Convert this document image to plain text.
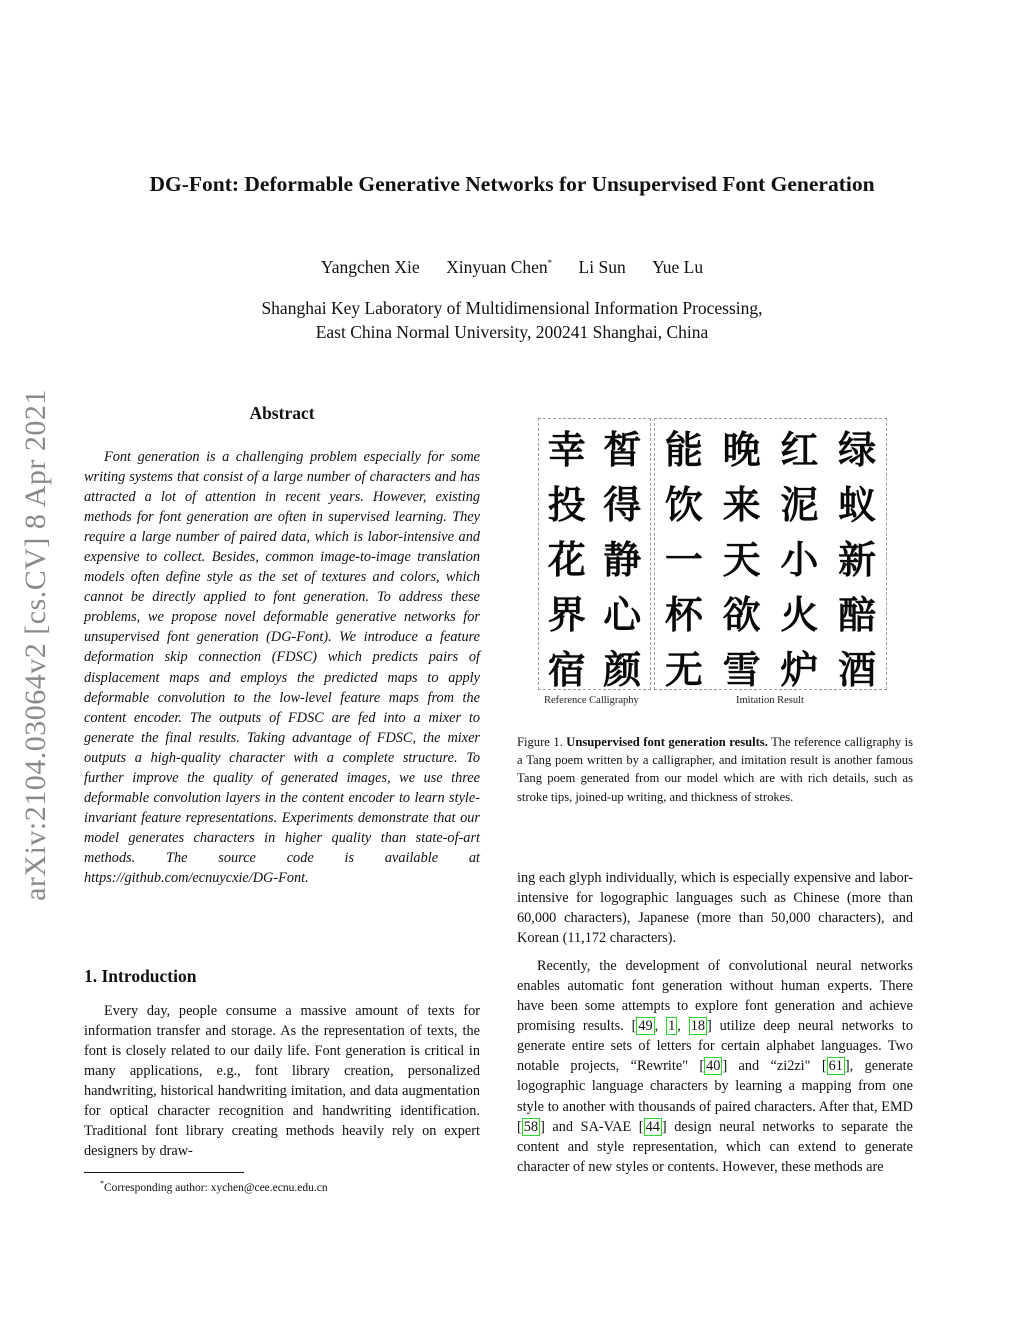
arXiv:2104.03064v2 [cs.CV] 8 Apr 2021
DG-Font: Deformable Generative Networks for Unsupervised Font Generation
Yangchen Xie Xinyuan Chen* Li Sun Yue Lu
Shanghai Key Laboratory of Multidimensional Information Processing,
East China Normal University, 200241 Shanghai, China
Abstract

Font generation is a challenging problem especially for some writing systems that consist of a large number of characters and has attracted a lot of attention in recent years. However, existing methods for font generation are often in supervised learning. They require a large number of paired data, which is labor-intensive and expensive to collect. Besides, common image-to-image translation models often define style as the set of textures and colors, which cannot be directly applied to font generation. To address these problems, we propose novel deformable generative networks for unsupervised font generation (DG-Font). We introduce a feature deformation skip connection (FDSC) which predicts pairs of displacement maps and employs the predicted maps to apply deformable convolution to the low-level feature maps from the content encoder. The outputs of FDSC are fed into a mixer to generate the final results. Taking advantage of FDSC, the mixer outputs a high-quality character with a complete structure. To further improve the quality of generated images, we use three deformable convolution layers in the content encoder to learn style-invariant feature representations. Experiments demonstrate that our model generates characters in higher quality than state-of-art methods. The source code is available at https://github.com/ecnuycxie/DG-Font.

1. Introduction

Every day, people consume a massive amount of texts for information transfer and storage. As the representation of texts, the font is closely related to our daily life. Font generation is critical in many applications, e.g., font library creation, personalized handwriting, historical handwriting imitation, and data augmentation for optical character recognition and handwriting identification. Traditional font library creating methods heavily rely on expert designers by draw-

*Corresponding author: xychen@cee.ecnu.edu.cn
幸 皙
投 得
花 静
界 心
宿 颜
能 晚 红 绿
饮 来 泥 蚁
一 天 小 新
杯 欲 火 醅
无 雪 炉 酒
Reference Calligraphy	Imitation Result
Figure 1. Unsupervised font generation results. The reference calligraphy is a Tang poem written by a calligrapher, and imitation result is another famous Tang poem generated from our model which are with rich details, such as stroke tips, joined-up writing, and thickness of strokes.

ing each glyph individually, which is especially expensive and labor-intensive for logographic languages such as Chinese (more than 60,000 characters), Japanese (more than 50,000 characters), and Korean (11,172 characters).

Recently, the development of convolutional neural networks enables automatic font generation without human experts. There have been some attempts to explore font generation and achieve promising results. [ 49 , 1 , 18 ] utilize deep neural networks to generate entire sets of letters for certain alphabet languages. Two notable projects, “Rewrite" [ 40 ] and “zi2zi" [ 61 ], generate logographic language characters by learning a mapping from one style to another with thousands of paired characters. After that, EMD [ 58 ] and SA-VAE [ 44 ] design neural networks to separate the content and style representation, which can extend to generate character of new styles or contents. However, these methods are
